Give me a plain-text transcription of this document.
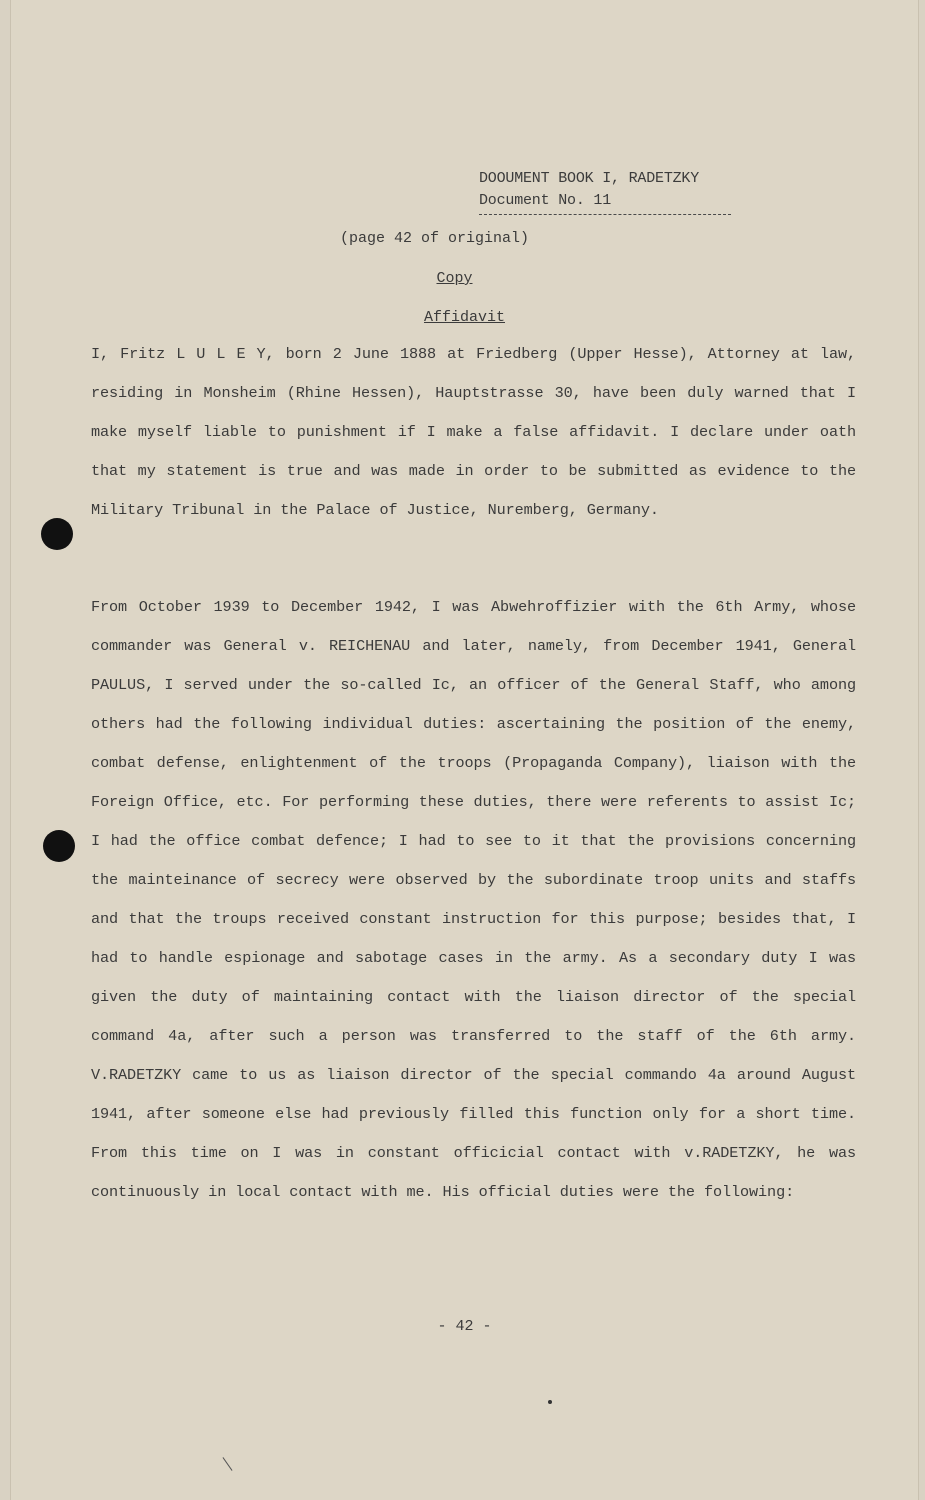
DOOUMENT BOOK I, RADETZKY

Document No. 11
(page 42 of original)
Copy
Affidavit
I, Fritz L U L E Y, born 2 June 1888 at Friedberg (Upper Hesse), Attorney at law, residing in Monsheim (Rhine Hessen), Hauptstrasse 30, have been duly warned that I make myself liable to punishment if I make a false affidavit. I declare under oath that my statement is true and was made in order to be submitted as evidence to the Military Tribunal in the Palace of Justice, Nuremberg, Germany.
From October 1939 to December 1942, I was Abwehroffizier with the 6th Army, whose commander was General v. REICHENAU and later, namely, from December 1941, General PAULUS, I served under the so-called Ic, an officer of the General Staff, who among others had the following individual duties: ascertaining the position of the enemy, combat defense, enlightenment of the troops (Propaganda Company), liaison with the Foreign Office, etc. For performing these duties, there were referents to assist Ic; I had the office combat defence; I had to see to it that the provisions concerning the mainteinance of secrecy were observed by the subordinate troop units and staffs and that the troups received constant instruction for this purpose; besides that, I had to handle espionage and sabotage cases in the army. As a secondary duty I was given the duty of maintaining contact with the liaison director of the special command 4a, after such a person was transferred to the staff of the 6th army. V.RADETZKY came to us as liaison director of the special commando 4a around August 1941, after someone else had previously filled this function only for a short time. From this time on I was in constant officicial contact with v.RADETZKY, he was continuously in local contact with me. His official duties were the following:
- 42 -
